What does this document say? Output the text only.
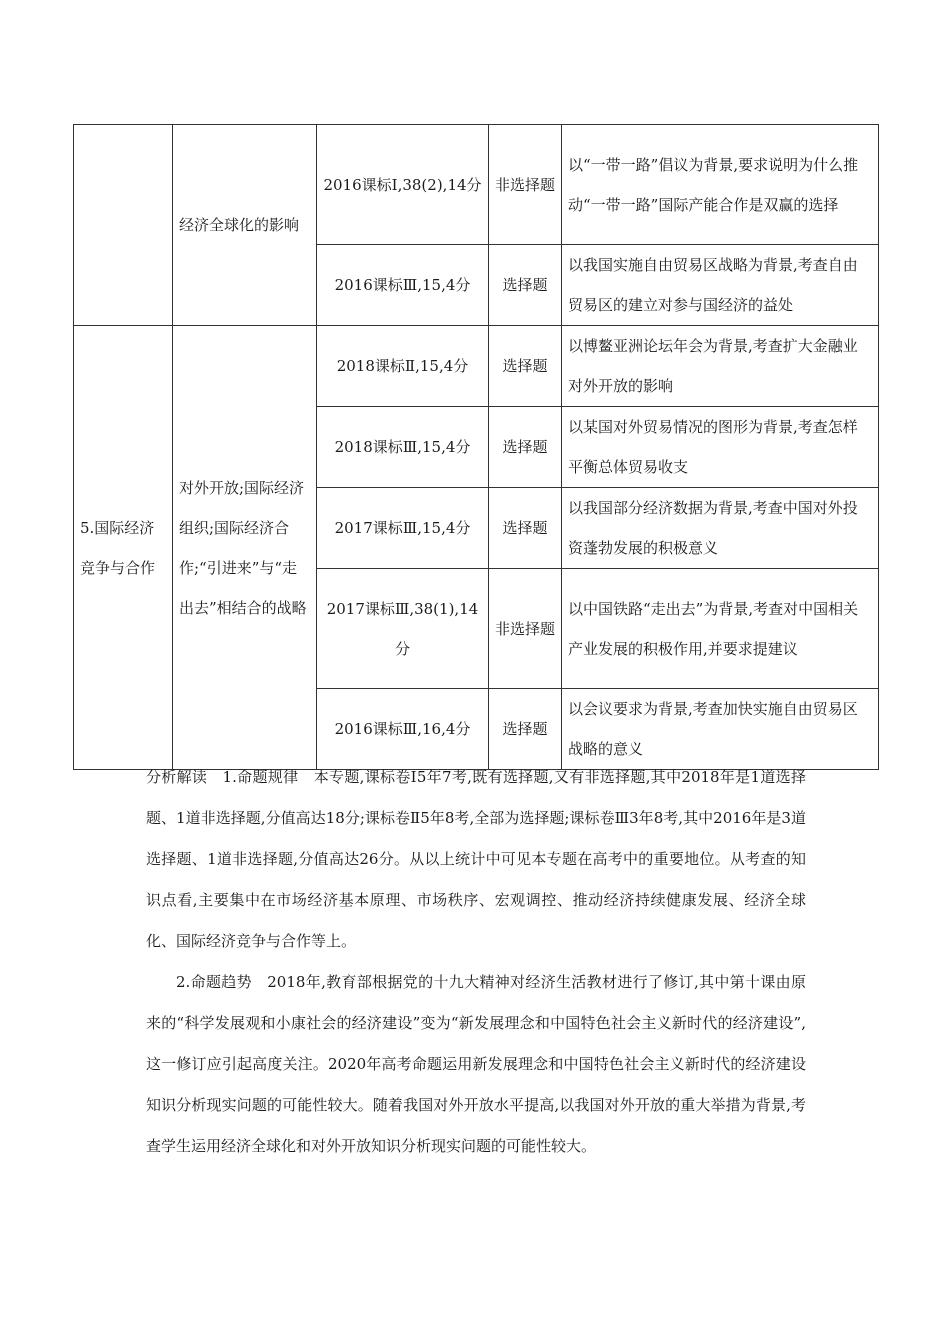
	经济全球化的影响	2016课标Ⅰ,38(2),14分	非选择题	以“一带一路”倡议为背景,要求说明为什么推动“一带一路”国际产能合作是双赢的选择
		2016课标Ⅲ,15,4分	选择题	以我国实施自由贸易区战略为背景,考查自由贸易区的建立对参与国经济的益处
5.国际经济竞争与合作	对外开放;国际经济组织;国际经济合作;“引进来”与“走出去”相结合的战略	2018课标Ⅱ,15,4分	选择题	以博鳌亚洲论坛年会为背景,考查扩大金融业对外开放的影响
		2018课标Ⅲ,15,4分	选择题	以某国对外贸易情况的图形为背景,考查怎样平衡总体贸易收支
		2017课标Ⅲ,15,4分	选择题	以我国部分经济数据为背景,考查中国对外投资蓬勃发展的积极意义
		2017课标Ⅲ,38(1),14分	非选择题	以中国铁路“走出去”为背景,考查对中国相关产业发展的积极作用,并要求提建议
		2016课标Ⅲ,16,4分	选择题	以会议要求为背景,考查加快实施自由贸易区战略的意义

分析解读　1.命题规律　本专题,课标卷Ⅰ5年7考,既有选择题,又有非选择题,其中2018年是1道选择题、1道非选择题,分值高达18分;课标卷Ⅱ5年8考,全部为选择题;课标卷Ⅲ3年8考,其中2016年是3道选择题、1道非选择题,分值高达26分。从以上统计中可见本专题在高考中的重要地位。从考查的知识点看,主要集中在市场经济基本原理、市场秩序、宏观调控、推动经济持续健康发展、经济全球化、国际经济竞争与合作等上。

2.命题趋势　2018年,教育部根据党的十九大精神对经济生活教材进行了修订,其中第十课由原来的“科学发展观和小康社会的经济建设”变为“新发展理念和中国特色社会主义新时代的经济建设”,这一修订应引起高度关注。2020年高考命题运用新发展理念和中国特色社会主义新时代的经济建设知识分析现实问题的可能性较大。随着我国对外开放水平提高,以我国对外开放的重大举措为背景,考查学生运用经济全球化和对外开放知识分析现实问题的可能性较大。
